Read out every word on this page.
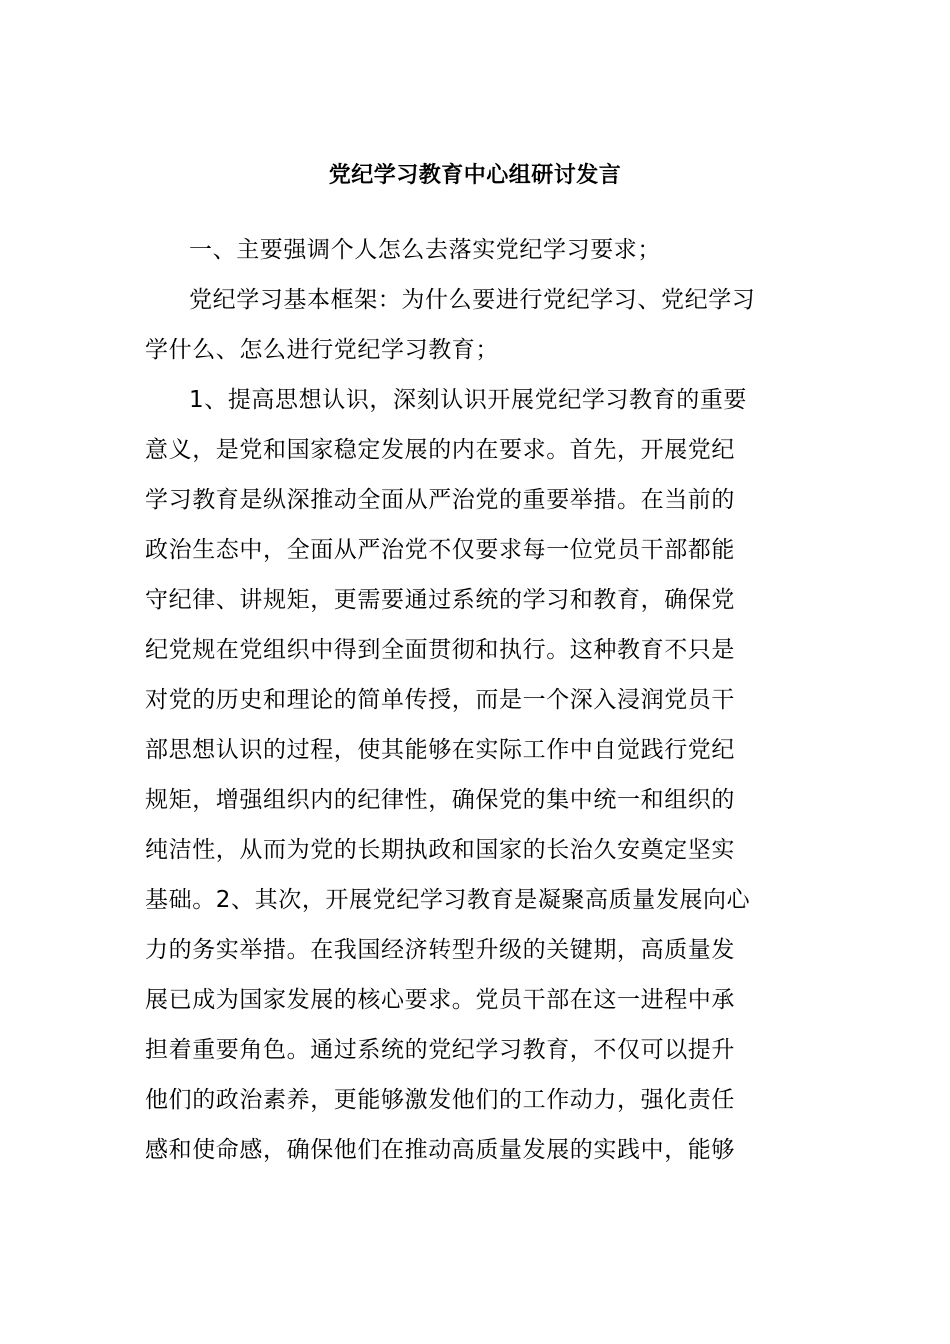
党纪学习教育中心组研讨发言
一、主要强调个人怎么去落实党纪学习要求；
党纪学习基本框架：为什么要进行党纪学习、党纪学习
学什么、怎么进行党纪学习教育；
1、提高思想认识，深刻认识开展党纪学习教育的重要
意义，是党和国家稳定发展的内在要求。首先，开展党纪
学习教育是纵深推动全面从严治党的重要举措。在当前的
政治生态中，全面从严治党不仅要求每一位党员干部都能
守纪律、讲规矩，更需要通过系统的学习和教育，确保党
纪党规在党组织中得到全面贯彻和执行。这种教育不只是
对党的历史和理论的简单传授，而是一个深入浸润党员干
部思想认识的过程，使其能够在实际工作中自觉践行党纪
规矩，增强组织内的纪律性，确保党的集中统一和组织的
纯洁性，从而为党的长期执政和国家的长治久安奠定坚实
基础。2、其次，开展党纪学习教育是凝聚高质量发展向心
力的务实举措。在我国经济转型升级的关键期，高质量发
展已成为国家发展的核心要求。党员干部在这一进程中承
担着重要角色。通过系统的党纪学习教育，不仅可以提升
他们的政治素养，更能够激发他们的工作动力，强化责任
感和使命感，确保他们在推动高质量发展的实践中，能够
